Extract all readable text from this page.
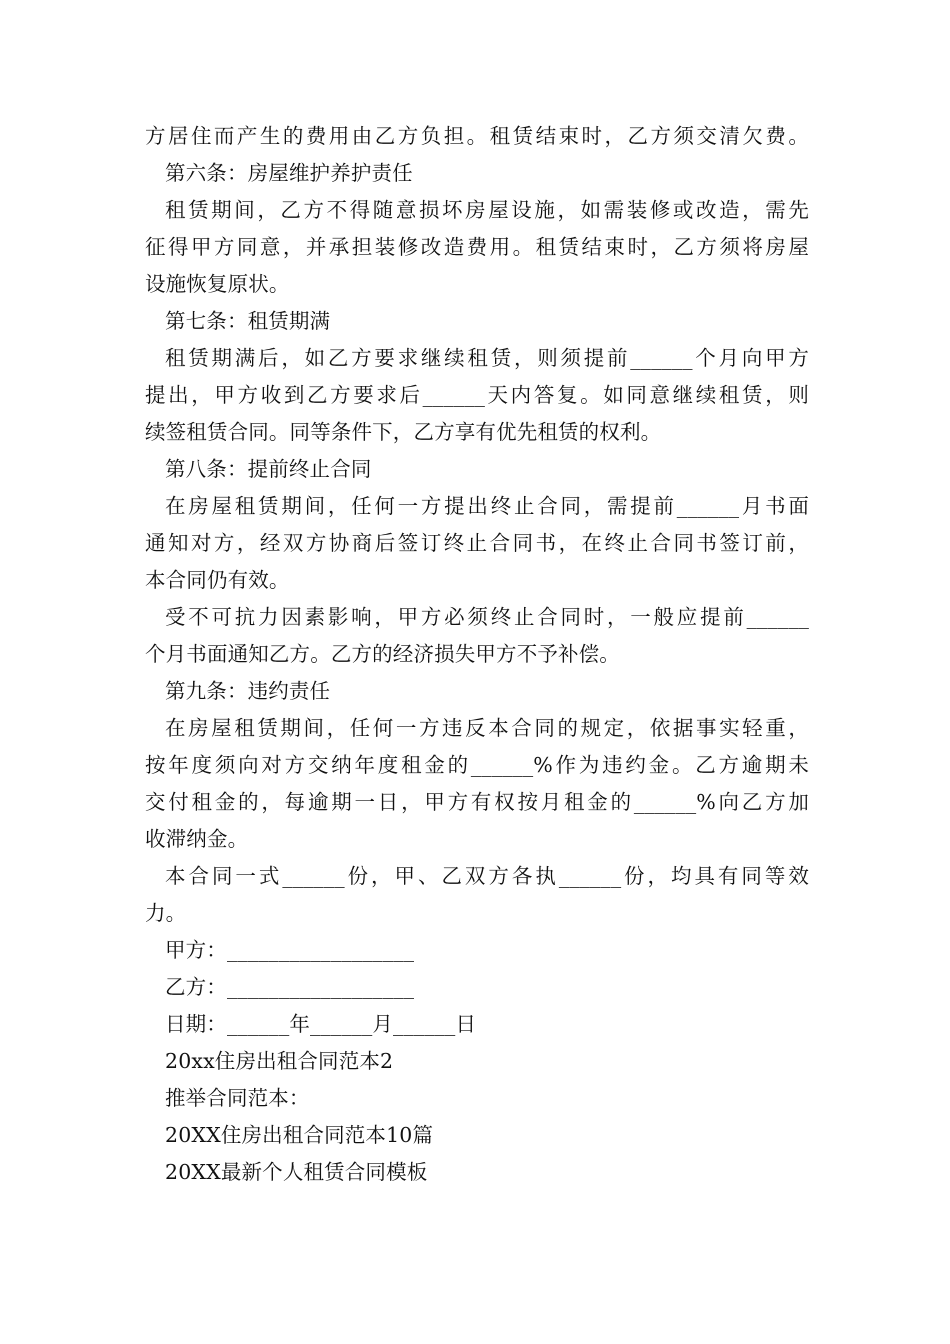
方居住而产生的费用由乙方负担。租赁结束时，乙方须交清欠费。
第六条：房屋维护养护责任
租赁期间，乙方不得随意损坏房屋设施，如需装修或改造，需先
征得甲方同意，并承担装修改造费用。租赁结束时，乙方须将房屋
设施恢复原状。
第七条：租赁期满
租赁期满后，如乙方要求继续租赁，则须提前______个月向甲方
提出，甲方收到乙方要求后______天内答复。如同意继续租赁，则
续签租赁合同。同等条件下，乙方享有优先租赁的权利。
第八条：提前终止合同
在房屋租赁期间，任何一方提出终止合同，需提前______月书面
通知对方，经双方协商后签订终止合同书，在终止合同书签订前，
本合同仍有效。
受不可抗力因素影响，甲方必须终止合同时，一般应提前______
个月书面通知乙方。乙方的经济损失甲方不予补偿。
第九条：违约责任
在房屋租赁期间，任何一方违反本合同的规定，依据事实轻重，
按年度须向对方交纳年度租金的______%作为违约金。乙方逾期未
交付租金的，每逾期一日，甲方有权按月租金的______%向乙方加
收滞纳金。
本合同一式______份，甲、乙双方各执______份，均具有同等效
力。
甲方：__________________
乙方：__________________
日期：______年______月______日
20xx住房出租合同范本2
推举合同范本：
20XX住房出租合同范本10篇
20XX最新个人租赁合同模板
